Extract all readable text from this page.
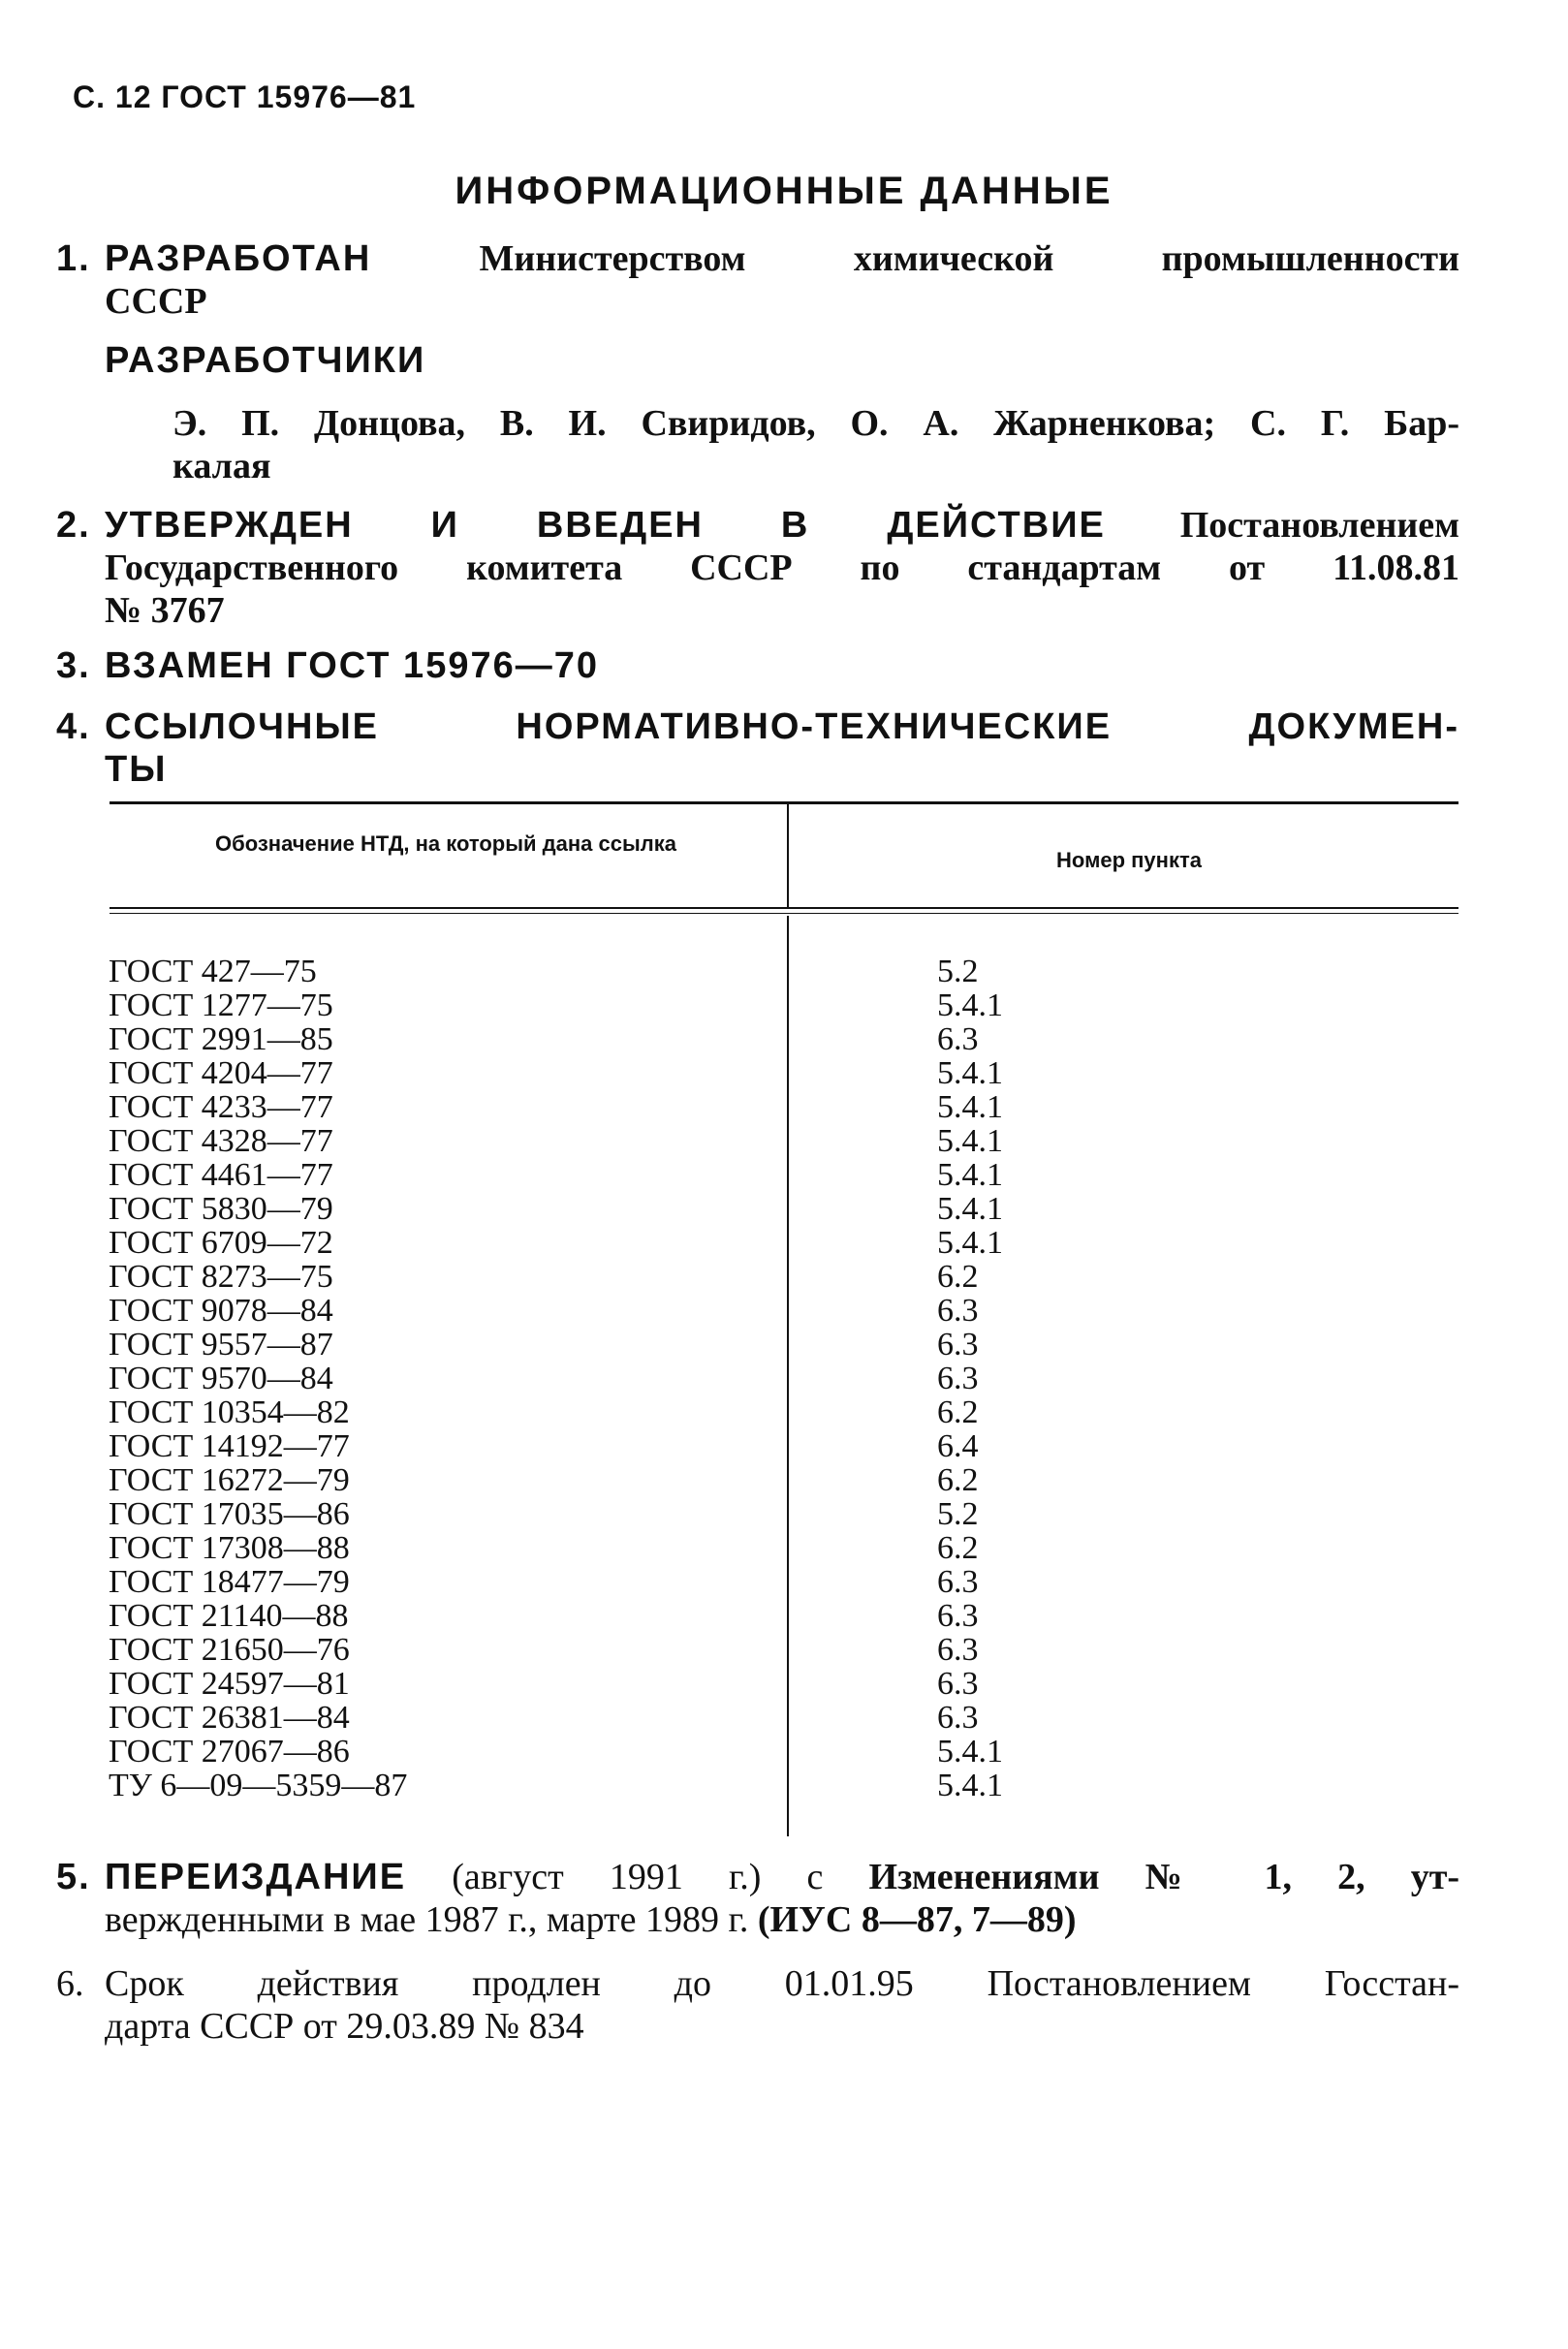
С. 12 ГОСТ 15976—81
ИНФОРМАЦИОННЫЕ ДАННЫЕ
1. РАЗРАБОТАН	Министерством химической промышленности
СССР
РАЗРАБОТЧИКИ
Э. П. Донцова, В. И. Свиридов, О. А. Жарненкова; С. Г. Бар-
калая
2. УТВЕРЖДЕН И ВВЕДЕН В ДЕЙСТВИЕ Постановлением
Государственного комитета СССР по стандартам от 11.08.81
№ 3767
3. ВЗАМЕН ГОСТ 15976—70
4. ССЫЛОЧНЫЕ НОРМАТИВНО-ТЕХНИЧЕСКИЕ ДОКУМЕН-
ТЫ
Обозначение НТД, на который дана ссылка
Номер пункта
ГОСТ 427—75	5.2
ГОСТ 1277—75	5.4.1
ГОСТ 2991—85	6.3
ГОСТ 4204—77	5.4.1
ГОСТ 4233—77	5.4.1
ГОСТ 4328—77	5.4.1
ГОСТ 4461—77	5.4.1
ГОСТ 5830—79	5.4.1
ГОСТ 6709—72	5.4.1
ГОСТ 8273—75	6.2
ГОСТ 9078—84	6.3
ГОСТ 9557—87	6.3
ГОСТ 9570—84	6.3
ГОСТ 10354—82	6.2
ГОСТ 14192—77	6.4
ГОСТ 16272—79	6.2
ГОСТ 17035—86	5.2
ГОСТ 17308—88	6.2
ГОСТ 18477—79	6.3
ГОСТ 21140—88	6.3
ГОСТ 21650—76	6.3
ГОСТ 24597—81	6.3
ГОСТ 26381—84	6.3
ГОСТ 27067—86	5.4.1
ТУ 6—09—5359—87	5.4.1
5. ПЕРЕИЗДАНИЕ (август 1991 г.) с Изменениями № 1, 2, ут-
вержденными в мае 1987 г., марте 1989 г. (ИУС 8—87, 7—89)
6. Срок действия продлен до 01.01.95 Постановлением Госстан-
дарта СССР от 29.03.89 № 834
